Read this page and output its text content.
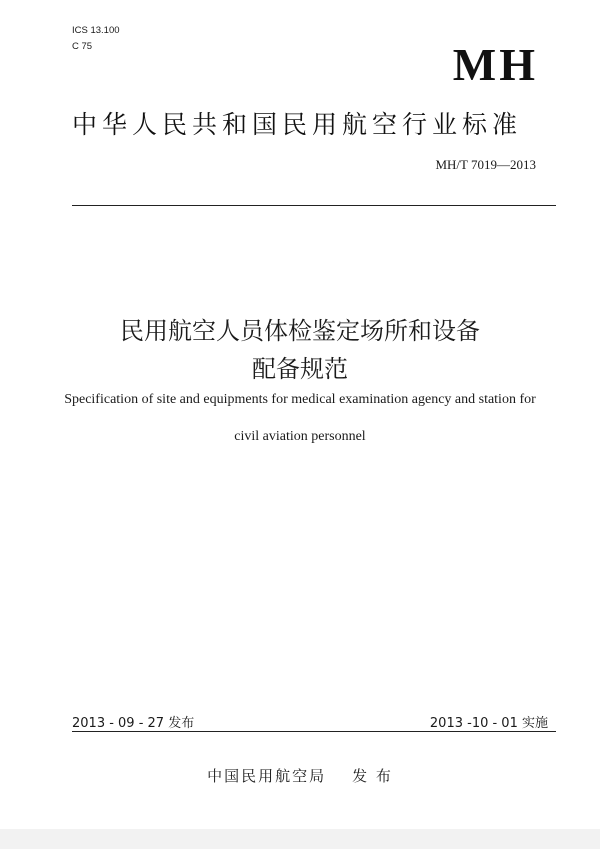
ICS 13.100

C 75	MH

中华人民共和国民用航空行业标准

MH/T 7019—2013

民用航空人员体检鉴定场所和设备

配备规范

Specification of site and equipments for medical examination agency and station for

civil aviation personnel

2013 - 09 - 27 发布	2013 -10 - 01 实施

中国民用航空局 发 布
